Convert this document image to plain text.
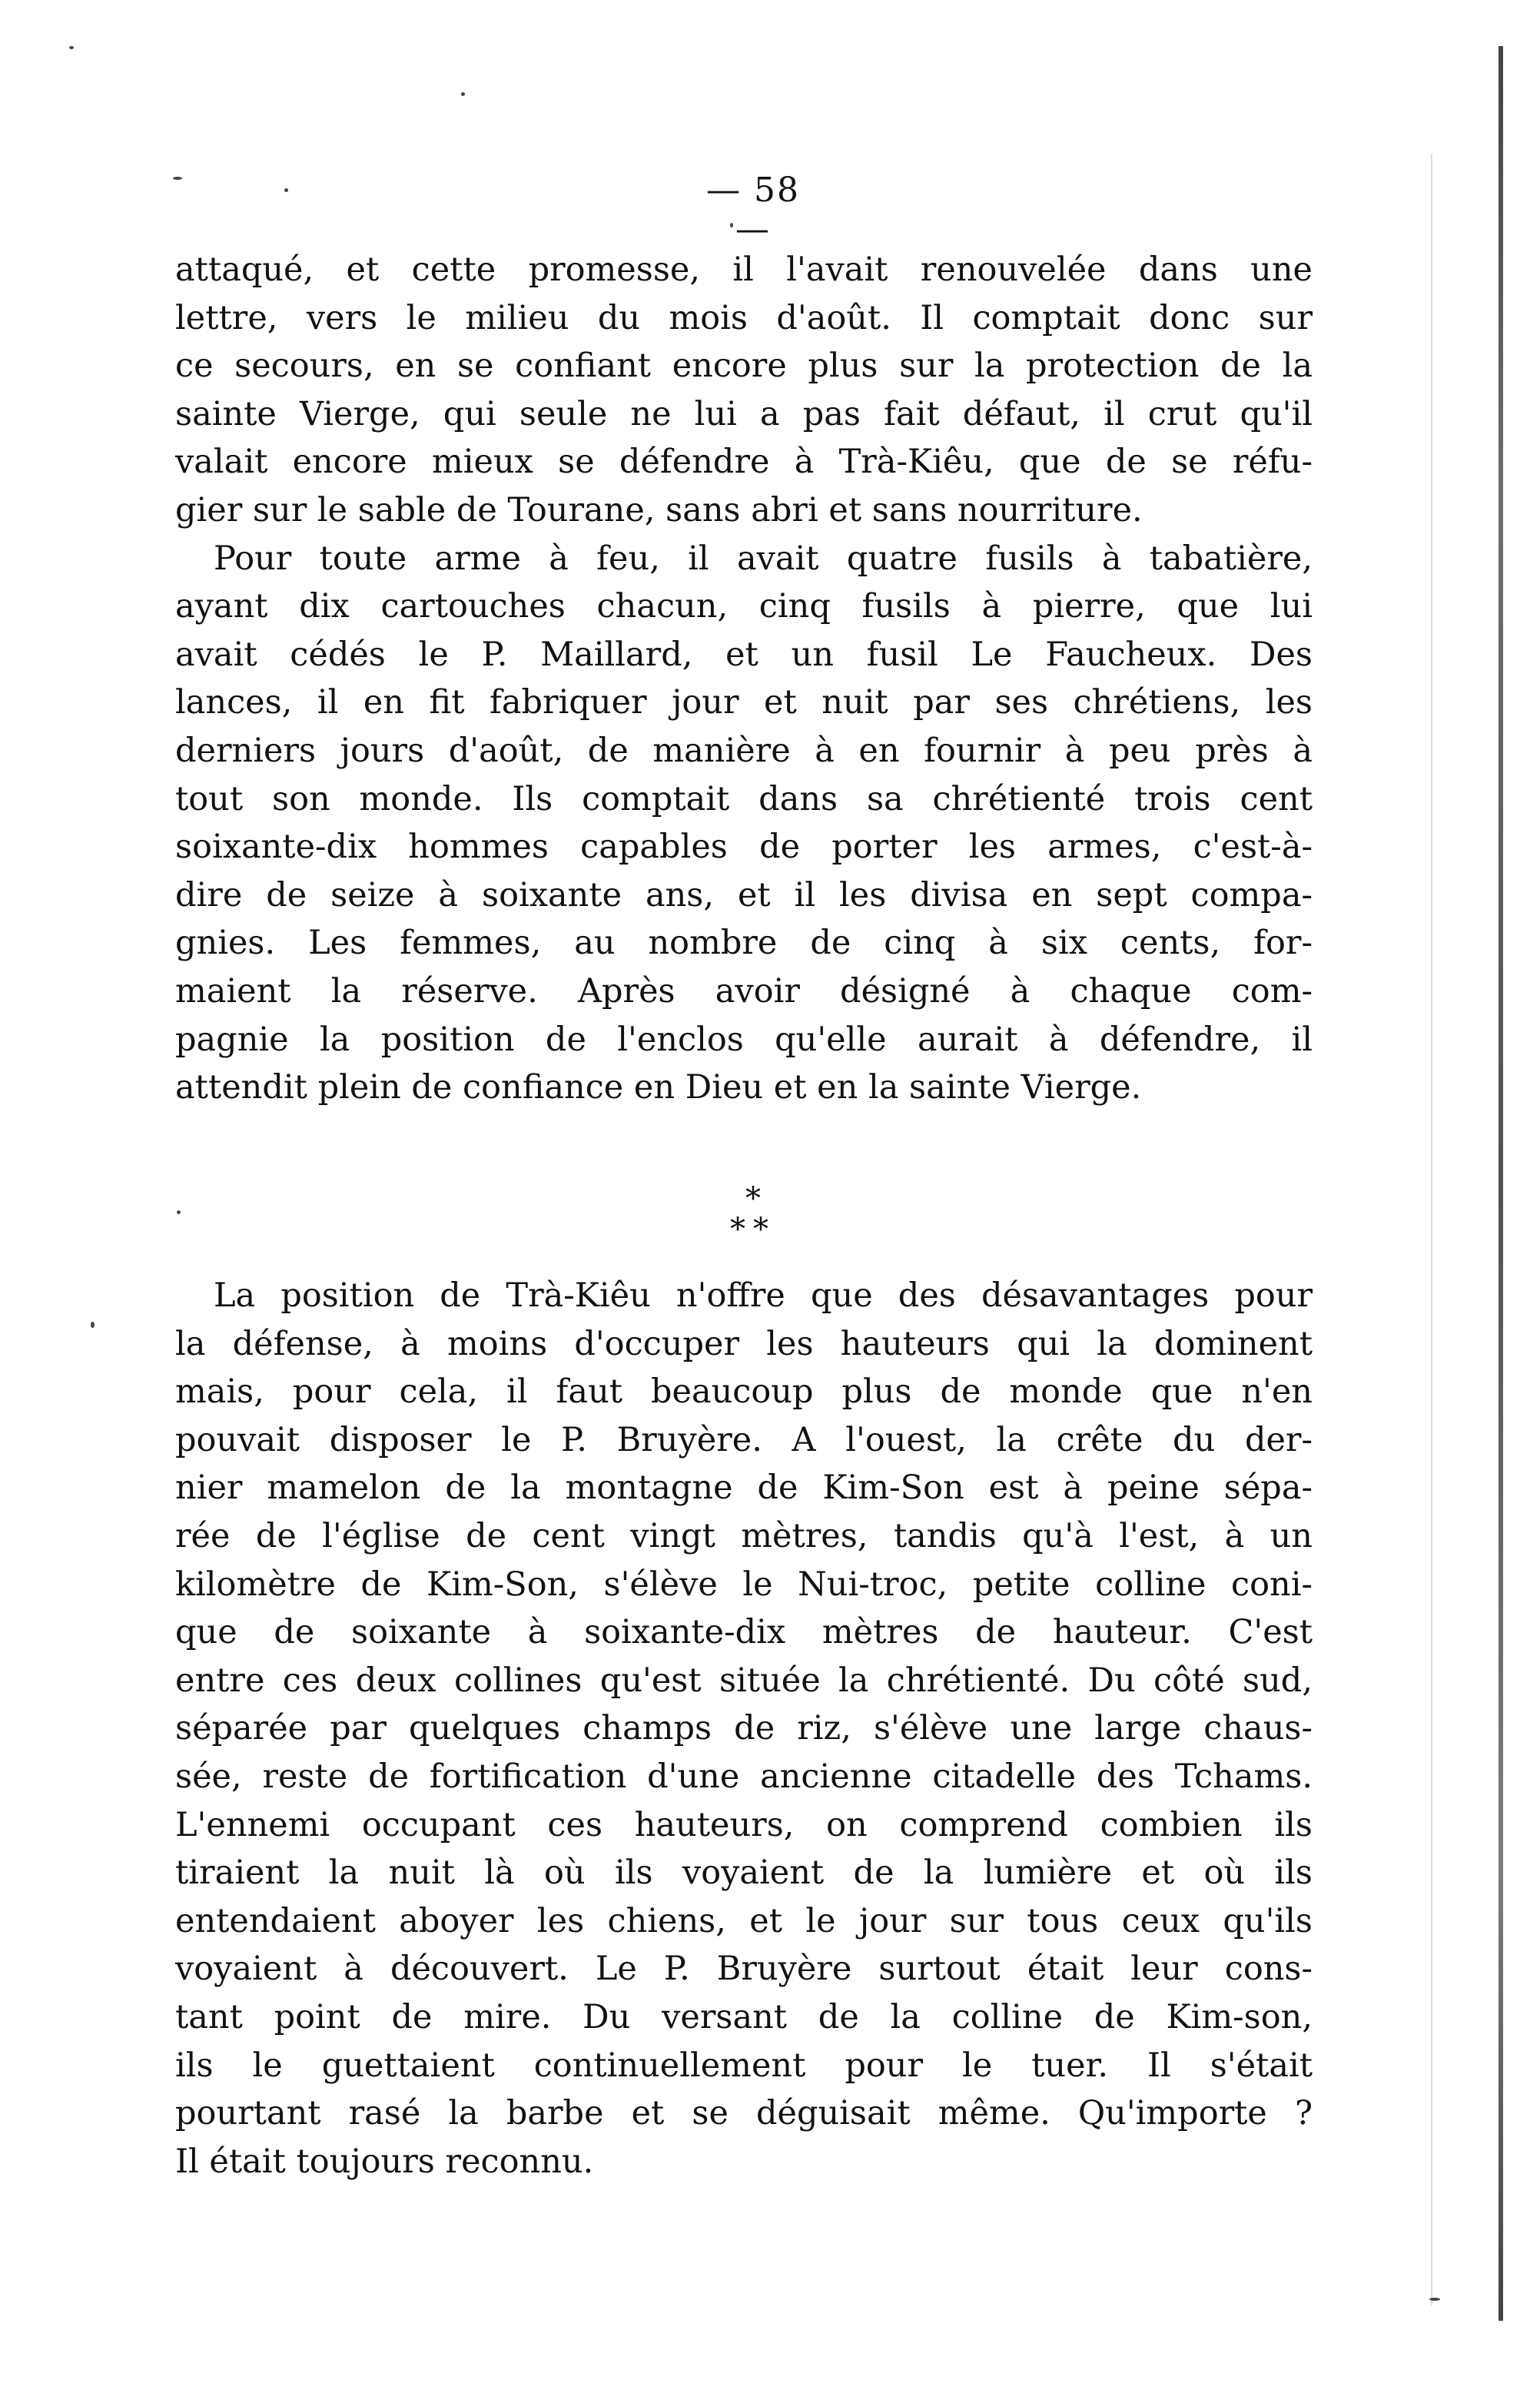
— 58 —
attaqué, et cette promesse, il l'avait renouvelée dans une
lettre, vers le milieu du mois d'août. Il comptait donc sur
ce secours, en se confiant encore plus sur la protection de la
sainte Vierge, qui seule ne lui a pas fait défaut, il crut qu'il
valait encore mieux se défendre à Trà-Kiêu, que de se réfu-
gier sur le sable de Tourane, sans abri et sans nourriture.
Pour toute arme à feu, il avait quatre fusils à tabatière,
ayant dix cartouches chacun, cinq fusils à pierre, que lui
avait cédés le P. Maillard, et un fusil Le Faucheux. Des
lances, il en fit fabriquer jour et nuit par ses chrétiens, les
derniers jours d'août, de manière à en fournir à peu près à
tout son monde. Ils comptait dans sa chrétienté trois cent
soixante-dix hommes capables de porter les armes, c'est-à-
dire de seize à soixante ans, et il les divisa en sept compa-
gnies. Les femmes, au nombre de cinq à six cents, for-
maient la réserve. Après avoir désigné à chaque com-
pagnie la position de l'enclos qu'elle aurait à défendre, il
attendit plein de confiance en Dieu et en la sainte Vierge.
*
**
La position de Trà-Kiêu n'offre que des désavantages pour
la défense, à moins d'occuper les hauteurs qui la dominent
mais, pour cela, il faut beaucoup plus de monde que n'en
pouvait disposer le P. Bruyère. A l'ouest, la crête du der-
nier mamelon de la montagne de Kim-Son est à peine sépa-
rée de l'église de cent vingt mètres, tandis qu'à l'est, à un
kilomètre de Kim-Son, s'élève le Nui-troc, petite colline coni-
que de soixante à soixante-dix mètres de hauteur. C'est
entre ces deux collines qu'est située la chrétienté. Du côté sud,
séparée par quelques champs de riz, s'élève une large chaus-
sée, reste de fortification d'une ancienne citadelle des Tchams.
L'ennemi occupant ces hauteurs, on comprend combien ils
tiraient la nuit là où ils voyaient de la lumière et où ils
entendaient aboyer les chiens, et le jour sur tous ceux qu'ils
voyaient à découvert. Le P. Bruyère surtout était leur cons-
tant point de mire. Du versant de la colline de Kim-son,
ils le guettaient continuellement pour le tuer. Il s'était
pourtant rasé la barbe et se déguisait même. Qu'importe ?
Il était toujours reconnu.
